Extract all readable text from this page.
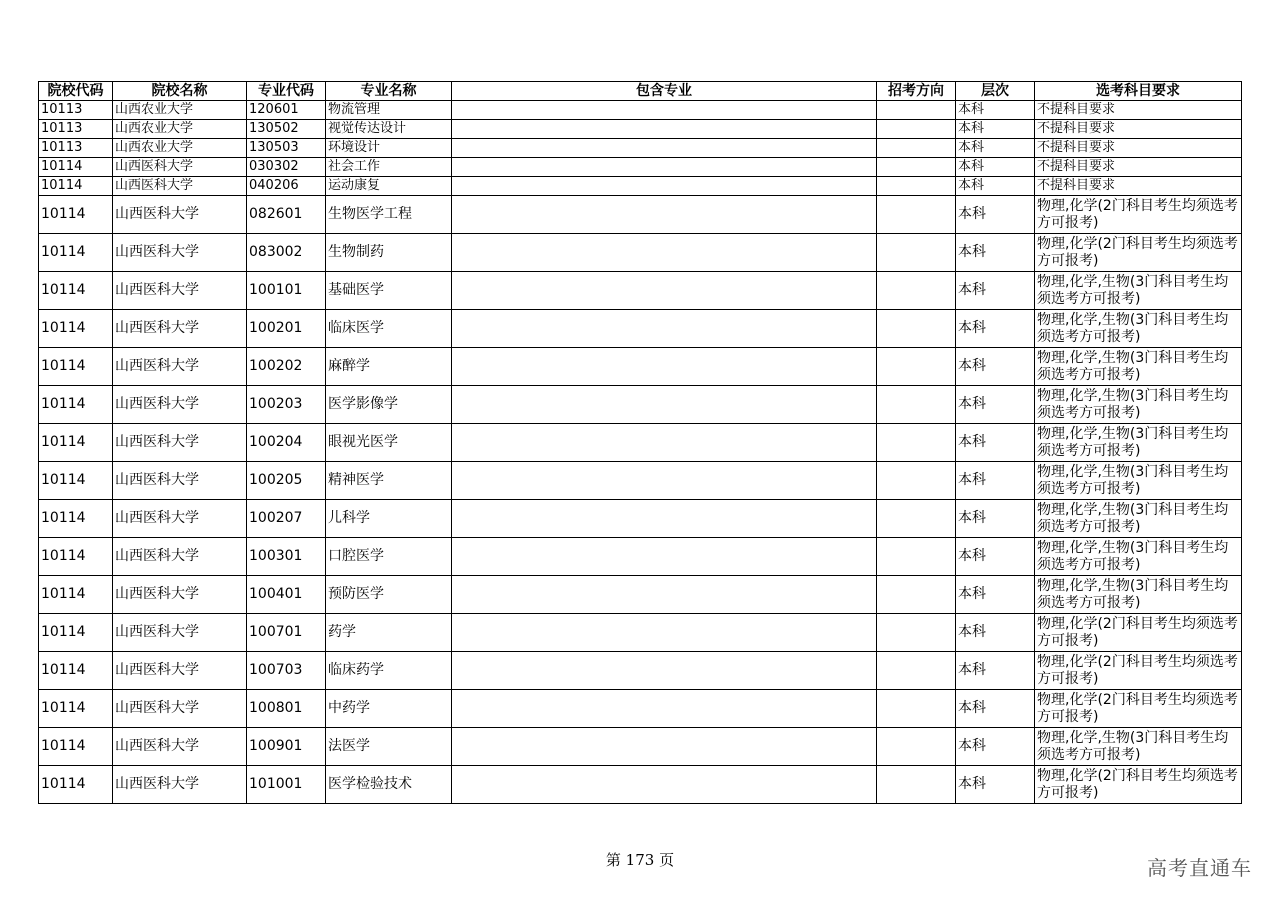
院校代码	院校名称	专业代码	专业名称	包含专业	招考方向	层次	选考科目要求
10113	山西农业大学	120601	物流管理			本科	不提科目要求
10113	山西农业大学	130502	视觉传达设计			本科	不提科目要求
10113	山西农业大学	130503	环境设计			本科	不提科目要求
10114	山西医科大学	030302	社会工作			本科	不提科目要求
10114	山西医科大学	040206	运动康复			本科	不提科目要求
10114	山西医科大学	082601	生物医学工程			本科	物理,化学(2门科目考生均须选考方可报考)
10114	山西医科大学	083002	生物制药			本科	物理,化学(2门科目考生均须选考方可报考)
10114	山西医科大学	100101	基础医学			本科	物理,化学,生物(3门科目考生均须选考方可报考)
10114	山西医科大学	100201	临床医学			本科	物理,化学,生物(3门科目考生均须选考方可报考)
10114	山西医科大学	100202	麻醉学			本科	物理,化学,生物(3门科目考生均须选考方可报考)
10114	山西医科大学	100203	医学影像学			本科	物理,化学,生物(3门科目考生均须选考方可报考)
10114	山西医科大学	100204	眼视光医学			本科	物理,化学,生物(3门科目考生均须选考方可报考)
10114	山西医科大学	100205	精神医学			本科	物理,化学,生物(3门科目考生均须选考方可报考)
10114	山西医科大学	100207	儿科学			本科	物理,化学,生物(3门科目考生均须选考方可报考)
10114	山西医科大学	100301	口腔医学			本科	物理,化学,生物(3门科目考生均须选考方可报考)
10114	山西医科大学	100401	预防医学			本科	物理,化学,生物(3门科目考生均须选考方可报考)
10114	山西医科大学	100701	药学			本科	物理,化学(2门科目考生均须选考方可报考)
10114	山西医科大学	100703	临床药学			本科	物理,化学(2门科目考生均须选考方可报考)
10114	山西医科大学	100801	中药学			本科	物理,化学(2门科目考生均须选考方可报考)
10114	山西医科大学	100901	法医学			本科	物理,化学,生物(3门科目考生均须选考方可报考)
10114	山西医科大学	101001	医学检验技术			本科	物理,化学(2门科目考生均须选考方可报考)
第 173 页	高考直通车
